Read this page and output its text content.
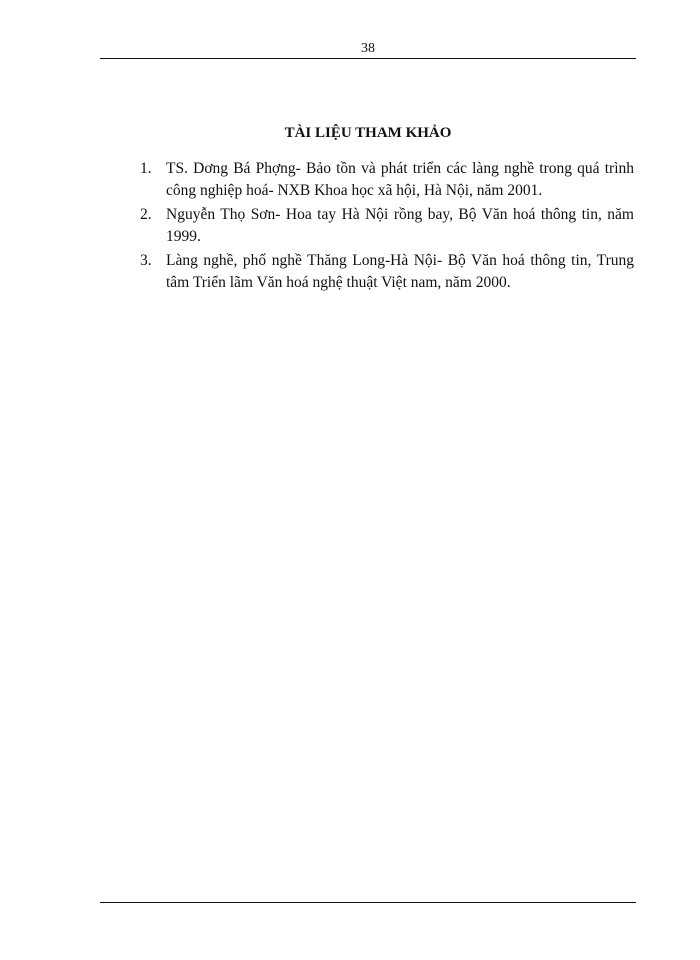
38
TÀI LIỆU THAM KHẢO
1. TS. Dơng Bá Phợng- Bảo tồn và phát triển các làng nghề trong quá trình công nghiệp hoá- NXB Khoa học xã hội, Hà Nội, năm 2001.
2. Nguyễn Thọ Sơn- Hoa tay Hà Nội rồng bay, Bộ Văn hoá thông tin, năm 1999.
3. Làng nghề, phố nghề Thăng Long-Hà Nội- Bộ Văn hoá thông tin, Trung tâm Triển lãm Văn hoá nghệ thuật Việt nam, năm 2000.
